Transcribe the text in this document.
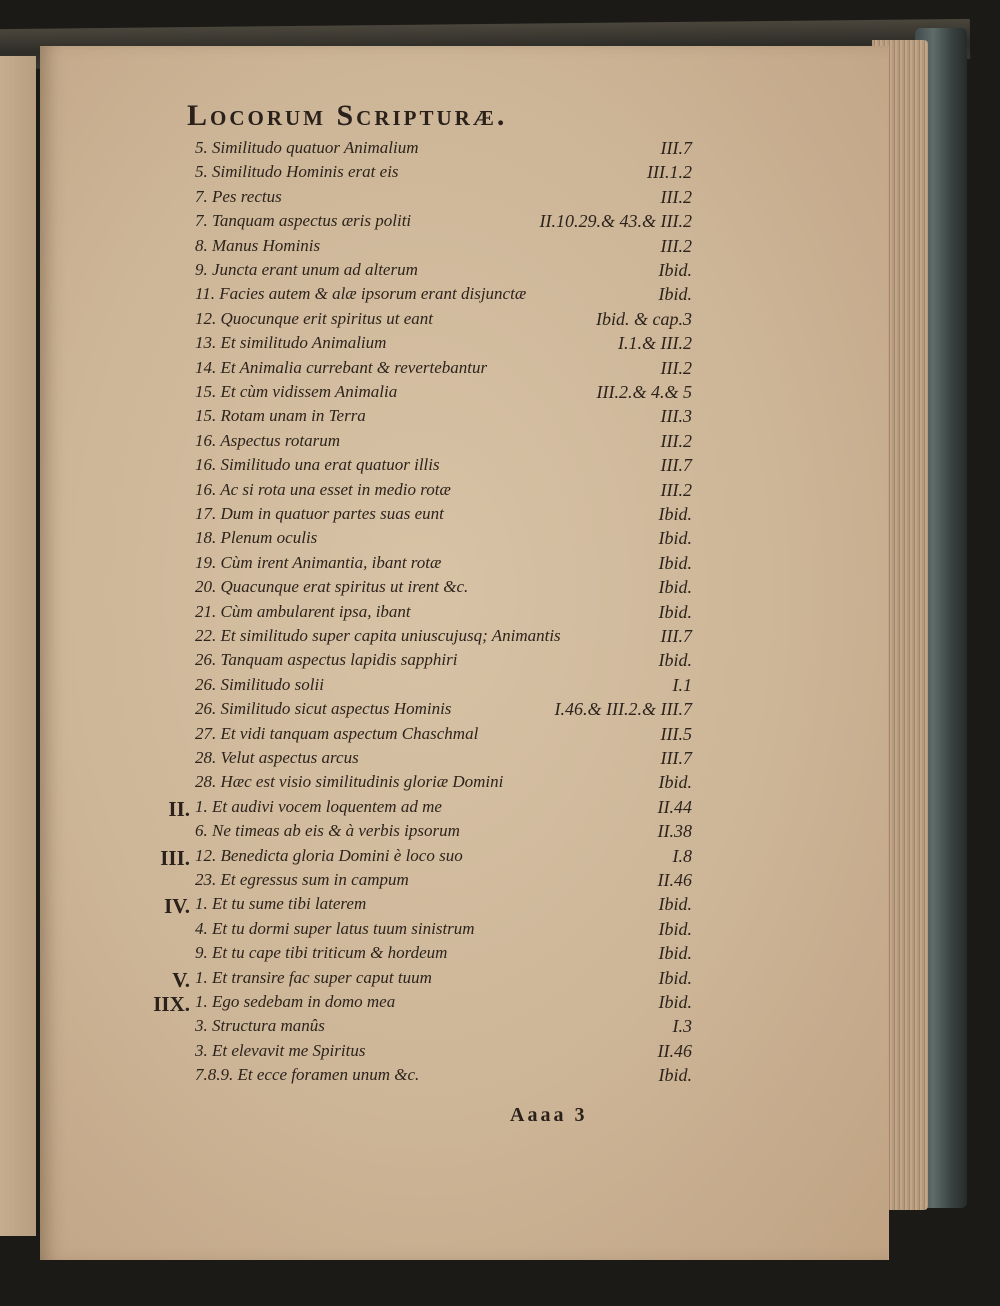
Locorum Scripturæ.
5. Similitudo quatuor Animalium	III.7
5. Similitudo Hominis erat eis	III.1.2
7. Pes rectus	III.2
7. Tanquam aspectus æris politi	II.10.29.& 43.& III.2
8. Manus Hominis	III.2
9. Juncta erant unum ad alterum	Ibid.
11. Facies autem & alæ ipsorum erant disjunctæ	Ibid.
12. Quocunque erit spiritus ut eant	Ibid. & cap.3
13. Et similitudo Animalium	I.1.& III.2
14. Et Animalia currebant & revertebantur	III.2
15. Et cùm vidissem Animalia	III.2.& 4.& 5
15. Rotam unam in Terra	III.3
16. Aspectus rotarum	III.2
16. Similitudo una erat quatuor illis	III.7
16. Ac si rota una esset in medio rotæ	III.2
17. Dum in quatuor partes suas eunt	Ibid.
18. Plenum oculis	Ibid.
19. Cùm irent Animantia, ibant rotæ	Ibid.
20. Quacunque erat spiritus ut irent &c.	Ibid.
21. Cùm ambularent ipsa, ibant	Ibid.
22. Et similitudo super capita uniuscujusq; Animantis	III.7
26. Tanquam aspectus lapidis sapphiri	Ibid.
26. Similitudo solii	I.1
26. Similitudo sicut aspectus Hominis	I.46.& III.2.& III.7
27. Et vidi tanquam aspectum Chaschmal	III.5
28. Velut aspectus arcus	III.7
28. Hæc est visio similitudinis gloriæ Domini	Ibid.
II. 1. Et audivi vocem loquentem ad me	II.44
6. Ne timeas ab eis & à verbis ipsorum	II.38
III. 12. Benedicta gloria Domini è loco suo	I.8
23. Et egressus sum in campum	II.46
IV. 1. Et tu sume tibi laterem	Ibid.
4. Et tu dormi super latus tuum sinistrum	Ibid.
9. Et tu cape tibi triticum & hordeum	Ibid.
V. 1. Et transire fac super caput tuum	Ibid.
IIX. 1. Ego sedebam in domo mea	Ibid.
3. Structura manûs	I.3
3. Et elevavit me Spiritus	II.46
7.8.9. Et ecce foramen unum &c.	Ibid.
Aaaa 3
